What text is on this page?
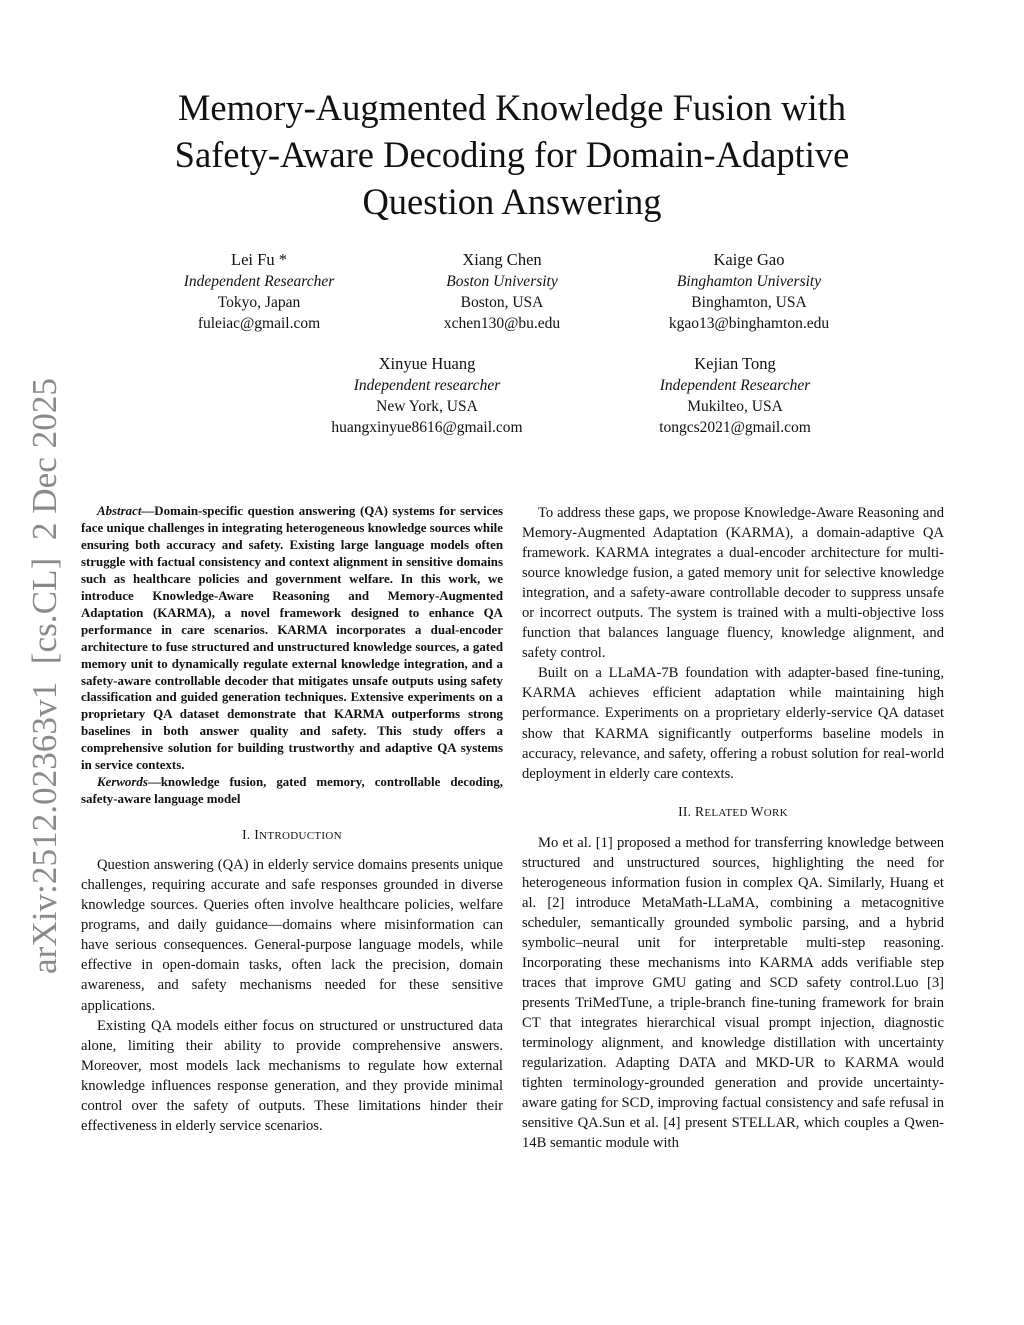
arXiv:2512.02363v1  [cs.CL]  2 Dec 2025
Memory-Augmented Knowledge Fusion with
Safety-Aware Decoding for Domain-Adaptive
Question Answering
Lei Fu *
Independent Researcher
Tokyo, Japan
fuleiac@gmail.com
Xiang Chen
Boston University
Boston, USA
xchen130@bu.edu
Kaige Gao
Binghamton University
Binghamton, USA
kgao13@binghamton.edu
Xinyue Huang
Independent researcher
New York, USA
huangxinyue8616@gmail.com
Kejian Tong
Independent Researcher
Mukilteo, USA
tongcs2021@gmail.com

Abstract—Domain-specific question answering (QA) systems for services face unique challenges in integrating heterogeneous knowledge sources while ensuring both accuracy and safety. Existing large language models often struggle with factual consistency and context alignment in sensitive domains such as healthcare policies and government welfare. In this work, we introduce Knowledge-Aware Reasoning and Memory-Augmented Adaptation (KARMA), a novel framework designed to enhance QA performance in care scenarios. KARMA incorporates a dual-encoder architecture to fuse structured and unstructured knowledge sources, a gated memory unit to dynamically regulate external knowledge integration, and a safety-aware controllable decoder that mitigates unsafe outputs using safety classification and guided generation techniques. Extensive experiments on a proprietary QA dataset demonstrate that KARMA outperforms strong baselines in both answer quality and safety. This study offers a comprehensive solution for building trustworthy and adaptive QA systems in service contexts.

Kerwords—knowledge fusion, gated memory, controllable decoding, safety-aware language model

I. INTRODUCTION

Question answering (QA) in elderly service domains presents unique challenges, requiring accurate and safe responses grounded in diverse knowledge sources. Queries often involve healthcare policies, welfare programs, and daily guidance—domains where misinformation can have serious consequences. General-purpose language models, while effective in open-domain tasks, often lack the precision, domain awareness, and safety mechanisms needed for these sensitive applications.

Existing QA models either focus on structured or unstructured data alone, limiting their ability to provide comprehensive answers. Moreover, most models lack mechanisms to regulate how external knowledge influences response generation, and they provide minimal control over the safety of outputs. These limitations hinder their effectiveness in elderly service scenarios.

To address these gaps, we propose Knowledge-Aware Reasoning and Memory-Augmented Adaptation (KARMA), a domain-adaptive QA framework. KARMA integrates a dual-encoder architecture for multi-source knowledge fusion, a gated memory unit for selective knowledge integration, and a safety-aware controllable decoder to suppress unsafe or incorrect outputs. The system is trained with a multi-objective loss function that balances language fluency, knowledge alignment, and safety control.

Built on a LLaMA-7B foundation with adapter-based fine-tuning, KARMA achieves efficient adaptation while maintaining high performance. Experiments on a proprietary elderly-service QA dataset show that KARMA significantly outperforms baseline models in accuracy, relevance, and safety, offering a robust solution for real-world deployment in elderly care contexts.

II. RELATED WORK

Mo et al. [1] proposed a method for transferring knowledge between structured and unstructured sources, highlighting the need for heterogeneous information fusion in complex QA. Similarly, Huang et al. [2] introduce MetaMath-LLaMA, combining a metacognitive scheduler, semantically grounded symbolic parsing, and a hybrid symbolic–neural unit for interpretable multi-step reasoning. Incorporating these mechanisms into KARMA adds verifiable step traces that improve GMU gating and SCD safety control.Luo [3] presents TriMedTune, a triple-branch fine-tuning framework for brain CT that integrates hierarchical visual prompt injection, diagnostic terminology alignment, and knowledge distillation with uncertainty regularization. Adapting DATA and MKD-UR to KARMA would tighten terminology-grounded generation and provide uncertainty-aware gating for SCD, improving factual consistency and safe refusal in sensitive QA.Sun et al. [4] present STELLAR, which couples a Qwen-14B semantic module with
